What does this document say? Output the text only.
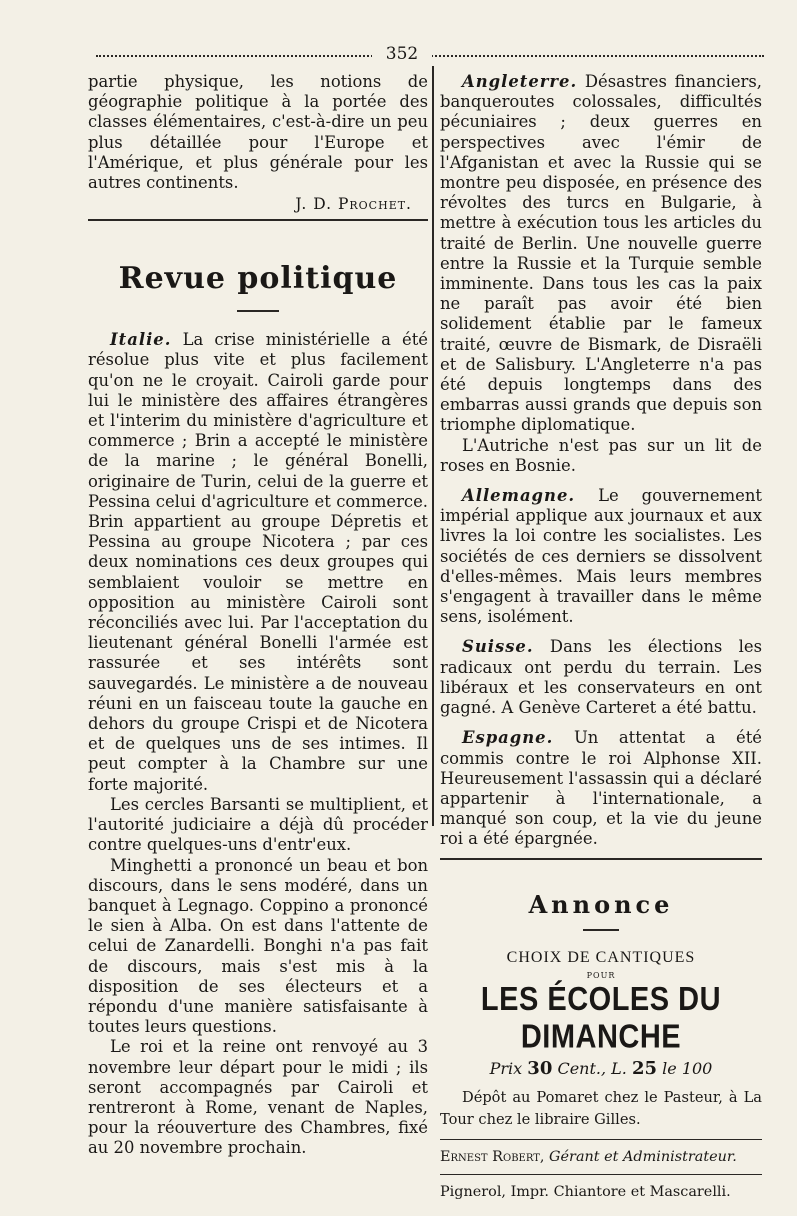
352

partie physique, les notions de géographie politique à la portée des classes élémentaires, c'est-à-dire un peu plus détaillée pour l'Europe et l'Amérique, et plus générale pour les autres continents.

J. D. Prochet.
Revue politique

Italie. La crise ministérielle a été résolue plus vite et plus facilement qu'on ne le croyait. Cairoli garde pour lui le ministère des affaires étrangères et l'interim du ministère d'agriculture et commerce ; Brin a accepté le ministère de la marine ; le général Bonelli, originaire de Turin, celui de la guerre et Pessina celui d'agriculture et commerce. Brin appartient au groupe Dépretis et Pessina au groupe Nicotera ; par ces deux nominations ces deux groupes qui semblaient vouloir se mettre en opposition au ministère Cairoli sont réconciliés avec lui. Par l'acceptation du lieutenant général Bonelli l'armée est rassurée et ses intérêts sont sauvegardés. Le ministère a de nouveau réuni en un faisceau toute la gauche en dehors du groupe Crispi et de Nicotera et de quelques uns de ses intimes. Il peut compter à la Chambre sur une forte majorité.

Les cercles Barsanti se multiplient, et l'autorité judiciaire a déjà dû procéder contre quelques-uns d'entr'eux.

Minghetti a prononcé un beau et bon discours, dans le sens modéré, dans un banquet à Legnago. Coppino a prononcé le sien à Alba. On est dans l'attente de celui de Zanardelli. Bonghi n'a pas fait de discours, mais s'est mis à la disposition de ses électeurs et a répondu d'une manière satisfaisante à toutes leurs questions.

Le roi et la reine ont renvoyé au 3 novembre leur départ pour le midi ; ils seront accompagnés par Cairoli et rentreront à Rome, venant de Naples, pour la réouverture des Chambres, fixé au 20 novembre prochain.

Angleterre. Désastres financiers, banqueroutes colossales, difficultés pécuniaires ; deux guerres en perspectives avec l'émir de l'Afganistan et avec la Russie qui se montre peu disposée, en présence des révoltes des turcs en Bulgarie, à mettre à exécution tous les articles du traité de Berlin. Une nouvelle guerre entre la Russie et la Turquie semble imminente. Dans tous les cas la paix ne paraît pas avoir été bien solidement établie par le fameux traité, œuvre de Bismark, de Disraëli et de Salisbury. L'Angleterre n'a pas été depuis longtemps dans des embarras aussi grands que depuis son triomphe diplomatique.

L'Autriche n'est pas sur un lit de roses en Bosnie.

Allemagne. Le gouvernement impérial applique aux journaux et aux livres la loi contre les socialistes. Les sociétés de ces derniers se dissolvent d'elles-mêmes. Mais leurs membres s'engagent à travailler dans le même sens, isolément.

Suisse. Dans les élections les radicaux ont perdu du terrain. Les libéraux et les conservateurs en ont gagné. A Genève Carteret a été battu.

Espagne. Un attentat a été commis contre le roi Alphonse XII. Heureusement l'assassin qui a déclaré appartenir à l'internationale, a manqué son coup, et la vie du jeune roi a été épargnée.

Annonce
CHOIX DE CANTIQUES
POUR
LES ÉCOLES DU DIMANCHE
Prix 30 Cent., L. 25 le 100

Dépôt au Pomaret chez le Pasteur, à La Tour chez le libraire Gilles.

Ernest Robert, Gérant et Administrateur.

Pignerol, Impr. Chiantore et Mascarelli.
